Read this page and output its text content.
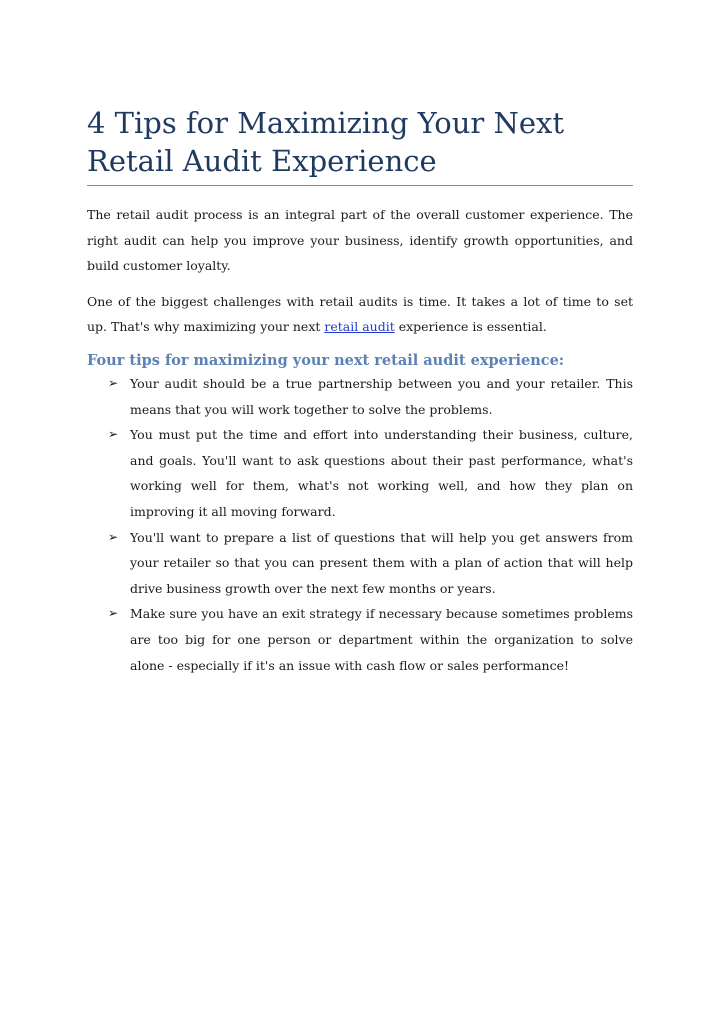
4 Tips for Maximizing Your Next Retail Audit Experience

The retail audit process is an integral part of the overall customer experience. The right audit can help you improve your business, identify growth opportunities, and build customer loyalty.

One of the biggest challenges with retail audits is time. It takes a lot of time to set up. That's why maximizing your next retail audit experience is essential.

Four tips for maximizing your next retail audit experience:
➢ Your audit should be a true partnership between you and your retailer. This means that you will work together to solve the problems.
➢ You must put the time and effort into understanding their business, culture, and goals. You'll want to ask questions about their past performance, what's working well for them, what's not working well, and how they plan on improving it all moving forward.
➢ You'll want to prepare a list of questions that will help you get answers from your retailer so that you can present them with a plan of action that will help drive business growth over the next few months or years.
➢ Make sure you have an exit strategy if necessary because sometimes problems are too big for one person or department within the organization to solve alone - especially if it's an issue with cash flow or sales performance!
